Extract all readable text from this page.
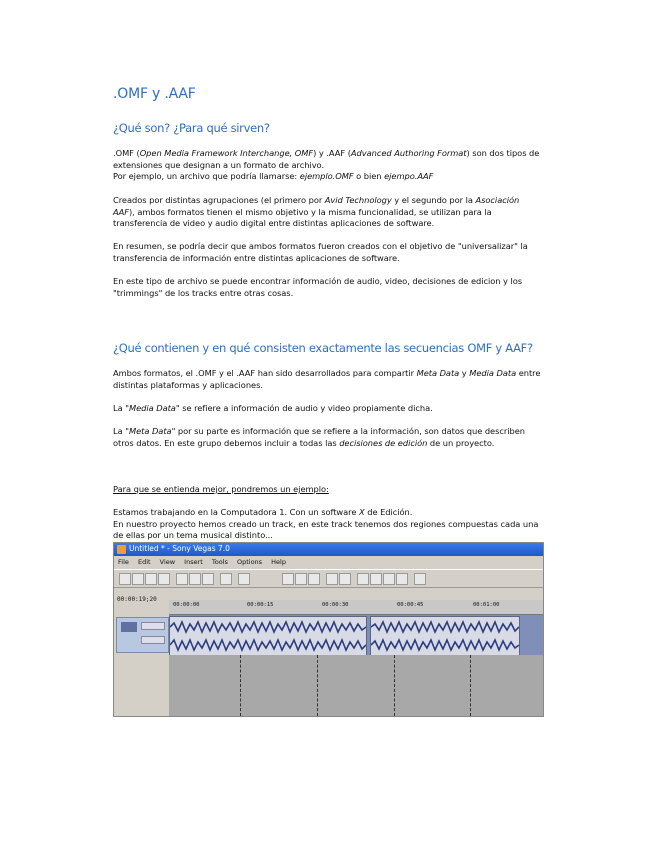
.OMF y .AAF
¿Qué son? ¿Para qué sirven?

.OMF (Open Media Framework Interchange, OMF) y .AAF (Advanced Authoring Format) son dos tipos de extensiones que designan a un formato de archivo.
Por ejemplo, un archivo que podría llamarse: ejemplo.OMF o bien ejempo.AAF

Creados por distintas agrupaciones (el primero por Avid Technology y el segundo por la Asociación AAF), ambos formatos tienen el mismo objetivo y la misma funcionalidad, se utilizan para la transferencia de video y audio digital entre distintas aplicaciones de software.

En resumen, se podría decir que ambos formatos fueron creados con el objetivo de "universalizar" la transferencia de información entre distintas aplicaciones de software.

En este tipo de archivo se puede encontrar información de audio, video, decisiones de edicion y los "trimmings" de los tracks entre otras cosas.

¿Qué contienen y en qué consisten exactamente las secuencias OMF y AAF?

Ambos formatos, el .OMF y el .AAF han sido desarrollados para compartir Meta Data y Media Data entre distintas plataformas y aplicaciones.

La "Media Data" se refiere a información de audio y video propiamente dicha.

La "Meta Data" por su parte es información que se refiere a la información, son datos que describen otros datos. En este grupo debemos incluir a todas las decisiones de edición de un proyecto.

Para que se entienda mejor, pondremos un ejemplo:

Estamos trabajando en la Computadora 1. Con un software X de Edición.
En nuestro proyecto hemos creado un track, en este track tenemos dos regiones compuestas cada una de ellas por un tema musical distinto...

Untitled * - Sony Vegas 7.0
File Edit View Insert Tools Options Help
00:00:19;20
00:00:00	00:00:15	00:00:30	00:00:45	00:01:00
